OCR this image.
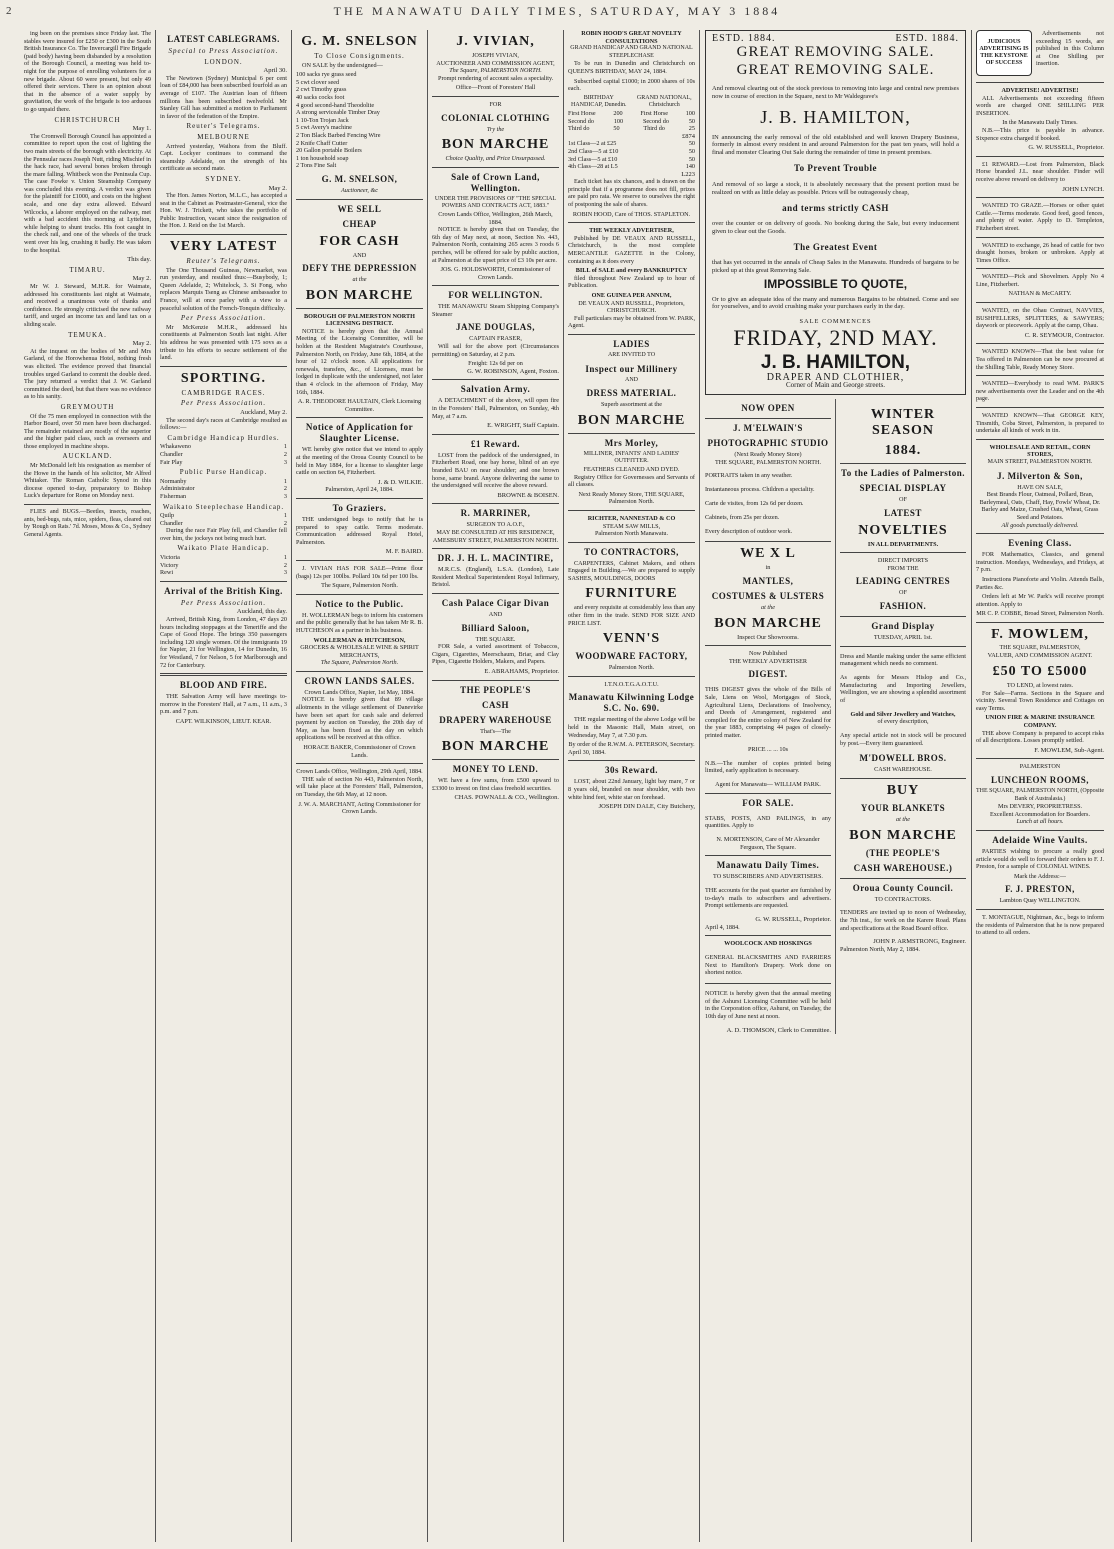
2	THE MANAWATU DAILY TIMES, SATURDAY, MAY 3 1884

ing been on the premises since Friday last. The stables were insured for £250 or £300 in the South British Insurance Co. The Invercargill Fire Brigade (paid body) having been disbanded by a resolution of the Borough Council, a meeting was held to-night for the purpose of enrolling volunteers for a new brigade. About 60 were present, but only 49 offered their services. There is an opinion about that in the absence of a water supply by gravitation, the work of the brigade is too arduous to go unpaid there.

CHRISTCHURCH
May 1.

The Cromwell Borough Council has appointed a committee to report upon the cost of lighting the two main streets of the borough with electricity. At the Pennsular races Joseph Nutt, riding Mischief in the hack race, had several bones broken through the mare falling. Whitbeck won the Peninsula Cup. The case Fowke v. Union Steamship Company was concluded this evening. A verdict was given for the plaintiff for £1000, and costs on the highest scale, and one day extra allowed. Edward Wilcocks, a laborer employed on the railway, met with a bad accident this morning at Lyttelton, while helping to shunt trucks. His foot caught in the check rail, and one of the wheels of the truck went over his leg, crushing it badly. He was taken to the hospital.

This day.
TIMARU.
May 2.

Mr W. J. Steward, M.H.R. for Waimate, addressed his constituents last night at Waimate, and received a unanimous vote of thanks and confidence. He strongly criticised the new railway tariff, and urged an income tax and land tax on a sliding scale.

TEMUKA.
May 2.

At the inquest on the bodies of Mr and Mrs Garland, of the Horowhenua Hotel, nothing fresh was elicited. The evidence proved that financial troubles urged Garland to commit the double deed. The jury returned a verdict that J. W. Garland committed the deed, but that there was no evidence as to his sanity.

GREYMOUTH

Of the 75 men employed in connection with the Harbor Board, over 50 men have been discharged. The remainder retained are mostly of the superior and the higher paid class, such as overseers and those employed in machine shops.

AUCKLAND.

Mr McDonald left his resignation as member of the Howe in the hands of his solicitor, Mr Alfred Whitaker. The Roman Catholic Synod in this diocese opened to-day, preparatory to Bishop Luck's departure for Rome on Monday next.

FLIES and BUGS.—Beetles, insects, roaches, ants, bed-bugs, rats, mice, spiders, fleas, cleared out by 'Rough on Rats.' 7d. Moses, Moss & Co., Sydney General Agents.

LATEST CABLEGRAMS.
Special to Press Association.
LONDON.
April 30.

The Newtown (Sydney) Municipal 6 per cent loan of £84,000 has been subscribed fourfold as an average of £107. The Austrian loan of fifteen millions has been subscribed twelvefold. Mr Stanley Gill has submitted a motion to Parliament in favor of the federation of the Empire.

Reuter's Telegrams.
MELBOURNE

Arrived yesterday, Waihora from the Bluff. Capt. Lockyer continues to command the steamship Adelaide, on the strength of his certificate as second mate.

SYDNEY.
May 2.

The Hon. James Norton, M.L.C., has accepted a seat in the Cabinet as Postmaster-General, vice the Hon. W. J. Trickett, who takes the portfolio of Public Instruction, vacant since the resignation of the Hon. J. Reid on the 1st March.

VERY LATEST
Reuter's Telegrams.

The One Thousand Guineas, Newmarket, was run yesterday, and resulted thus:—Busybody, 1; Queen Adelaide, 2; Whitelock, 3. Si Fong, who replaces Marquis Tseng as Chinese ambassador to France, will at once parley with a view to a peaceful solution of the French-Tonquin difficulty.

Per Press Association.

Mr McKenzie M.H.R., addressed his constituents at Palmerston South last night. After his address he was presented with 175 sovs as a tribute to his efforts to secure settlement of the land.

SPORTING.
CAMBRIDGE RACES.
Per Press Association.
Auckland, May 2.

The second day's races at Cambridge resulted as follows:—

Cambridge Handicap Hurdles.
Whakaweno	1
Chandler	2
Fair Play	3
Public Purse Handicap.
Normanby	1
Administrator	2
Fisherman	3
Waikato Steeplechase Handicap.
Quilp	1
Chandler	2

During the race Fair Play fell, and Chandler fell over him, the jockeys not being much hurt.

Waikato Plate Handicap.
Victoria	1
Victory	2
Rewi	3
Arrival of the British King.
Per Press Association.
Auckland, this day.

Arrived, British King, from London, 47 days 20 hours including stoppages at the Teneriffe and the Cape of Good Hope. The brings 350 passengers including 120 single women. Of the immigrants 19 for Napier, 21 for Wellington, 14 for Dunedin, 16 for Westland, 7 for Nelson, 5 for Marlborough and 72 for Canterbury.

BLOOD AND FIRE.

THE Salvation Army will have meetings to-morrow in the Foresters' Hall, at 7 a.m., 11 a.m., 3 p.m. and 7 p.m.

CAPT. WILKINSON, LIEUT. KEAR.
G. M. SNELSON
To Close Consignments.

ON SALE by the undersigned—

100 sacks rye grass seed
5 cwt clover seed
2 cwt Timothy grass
40 sacks cocks foot
4 good second-hand Theodolite
A strong serviceable Timber Dray
1 10-Ton Trojan Jack
5 cwt Avery's machine
2 Ton Black Barbed Fencing Wire
2 Knife Chaff Cutter
20 Gallon portable Boilers
1 ton household soap
2 Tons Fine Salt
G. M. SNELSON,
Auctioneer, &c
WE SELL
CHEAP
FOR CASH
AND
DEFY THE DEPRESSION
at the
BON MARCHE
BOROUGH OF PALMERSTON NORTH LICENSING DISTRICT.

NOTICE is hereby given that the Annual Meeting of the Licensing Committee, will be holden at the Resident Magistrate's Courthouse, Palmerston North, on Friday, June 6th, 1884, at the hour of 12 o'clock noon. All applications for renewals, transfers, &c., of Licenses, must be lodged in duplicate with the undersigned, not later than 4 o'clock in the afternoon of Friday, May 16th, 1884.

A. R. THEODORE HAULTAIN, Clerk Licensing Committee.
Notice of Application for Slaughter License.

WE hereby give notice that we intend to apply at the meeting of the Oroua County Council to be held in May 1884, for a license to slaughter large cattle on section 64, Fitzherbert.

J. & D. WILKIE.
Palmerston, April 24, 1884.
To Graziers.

THE undersigned begs to notify that he is prepared to spay cattle. Terms moderate. Communication addressed Royal Hotel, Palmerston.

M. F. BAIRD.

J. VIVIAN HAS FOR SALE—Prime flour (bags) 12s per 100lbs. Pollard 10s 6d per 100 lbs.

The Square, Palmerston North.
Notice to the Public.

H. WOLLERMAN begs to inform his customers and the public generally that he has taken Mr R. B. HUTCHESON as a partner in his business.

WOLLERMAN & HUTCHESON,
GROCERS & WHOLESALE WINE & SPIRIT MERCHANTS,
The Square, Palmerston North.
CROWN LANDS SALES.
Crown Lands Office, Napier, 1st May, 1884.

NOTICE is hereby given that 89 village allotments in the village settlement of Danevirke have been set apart for cash sale and deferred payment by auction on Tuesday, the 20th day of May, as has been fixed as the day on which applications will be received at this office.

HORACE BAKER, Commissioner of Crown Lands.
Crown Lands Office, Wellington, 29th April, 1884.

THE sale of section No 443, Palmerston North, will take place at the Foresters' Hall, Palmerston, on Tuesday, the 6th May, at 12 noon.

J. W. A. MARCHANT, Acting Commissioner for Crown Lands.
J. VIVIAN,
JOSEPH VIVIAN,
AUCTIONEER AND COMMISSION AGENT,
The Square, PALMERSTON NORTH.

Prompt rendering of account sales a speciality.

Office—Front of Foresters' Hall
FOR
COLONIAL CLOTHING
Try the
BON MARCHE
Choice Quality, and Price Unsurpassed.
Sale of Crown Land, Wellington.
UNDER THE PROVISIONS OF "THE SPECIAL POWERS AND CONTRACTS ACT, 1883."
Crown Lands Office, Wellington, 26th March, 1884.

NOTICE is hereby given that on Tuesday, the 6th day of May next, at noon, Section No. 443, Palmerston North, containing 265 acres 3 roods 6 perches, will be offered for sale by public auction, at Palmerston at the upset price of £3 10s per acre.

JOS. G. HOLDSWORTH, Commissioner of Crown Lands.
FOR WELLINGTON.

THE MANAWATU Steam Shipping Company's Steamer

JANE DOUGLAS,
CAPTAIN FRASER,

Will sail for the above port (Circumstances permitting) on Saturday, at 2 p.m.

Freight: 12s 6d per on
G. W. ROBINSON, Agent, Foxton.
Salvation Army.

A DETACHMENT of the above, will open fire in the Foresters' Hall, Palmerston, on Sunday, 4th May, at 7 a.m.

E. WRIGHT, Staff Captain.
£1 Reward.

LOST from the paddock of the undersigned, in Fitzherbert Road, one bay horse, blind of an eye branded BAU on near shoulder; and one brown horse, same brand. Anyone delivering the same to the undersigned will receive the above reward.

BROWNE & BOISEN.
R. MARRINER,
SURGEON TO A.O.F.,
MAY BE CONSULTED AT HIS RESIDENCE, AMESBURY STREET, PALMERSTON NORTH.
DR. J. H. L. MACINTIRE,

M.R.C.S. (England), L.S.A. (London), Late Resident Medical Superintendent Royal Infirmary, Bristol.

Cash Palace Cigar Divan
AND
Billiard Saloon,
THE SQUARE.

FOR Sale, a varied assortment of Tobaccos, Cigars, Cigarettes, Meerschaum, Briar, and Clay Pipes, Cigarette Holders, Makers, and Papers.

E. ABRAHAMS, Proprietor.
THE PEOPLE'S
CASH
DRAPERY WAREHOUSE
That's—The
BON MARCHE
MONEY TO LEND.

WE have a few sums, from £500 upward to £3300 to invest on first class freehold securities.

CHAS. POWNALL & CO., Wellington.
ROBIN HOOD'S GREAT NOVELTY CONSULTATIONS
GRAND HANDICAP AND GRAND NATIONAL STEEPLECHASE

To be run in Dunedin and Christchurch on QUEEN'S BIRTHDAY, MAY 24, 1884.

Subscribed capital £1000; in 2000 shares of 10s each.

BIRTHDAY HANDICAP, Dunedin.
GRAND NATIONAL, Christchurch
First Horse	200	First Horse	100
Second do	100	Second do	50
Third do	50	Third do	25
£874
1st Class—2 at £25	50
2nd Class—5 at £10	50
3rd Class—5 at £10	50
4th Class—28 at L5	140
L223

Each ticket has six chances, and is drawn on the principle that if a programme does not fill, prizes are paid pro rata. We reserve to ourselves the right of postponing the sale of shares.

ROBIN HOOD, Care of THOS. STAPLETON.
THE WEEKLY ADVERTISER,

Published by DE VEAUX AND RUSSELL, Christchurch, is the most complete MERCANTILE GAZETTE in the Colony, containing as it does every

BILL of SALE and every BANKRUPTCY

filed throughout New Zealand up to hour of Publication.

ONE GUINEA PER ANNUM,
DE VEAUX AND RUSSELL, Proprietors, CHRISTCHURCH.

Full particulars may be obtained from W. PARK, Agent.

LADIES
ARE INVITED TO
Inspect our Millinery
AND
DRESS MATERIAL.
Superb assortment at the
BON MARCHE
Mrs Morley,
MILLINER, INFANTS' AND LADIES' OUTFITTER.
FEATHERS CLEANED AND DYED.

Registry Office for Governesses and Servants of all classes.

Next Ready Money Store, THE SQUARE, Palmerston North.
RICHTER, NANNESTAD & CO
STEAM SAW MILLS,
Palmerston North Manawatu.
TO CONTRACTORS,

CARPENTERS, Cabinet Makers, and others Engaged in Building.—We are prepared to supply SASHES, MOULDINGS, DOORS

FURNITURE

and every requisite at considerably less than any other firm in the trade. SEND FOR SIZE AND PRICE LIST.

VENN'S
WOODWARE FACTORY,
Palmerston North.
I.T.N.O.T.G.A.O.T.U.
Manawatu Kilwinning Lodge S.C. No. 690.

THE regular meeting of the above Lodge will be held in the Masonic Hall, Main street, on Wednesday, May 7, at 7.30 p.m.

By order of the R.W.M. A. PETERSON, Secretary.
April 30, 1884.
30s Reward.

LOST, about 22nd January, light bay mare, 7 or 8 years old, branded on near shoulder, with two white hind feet, white star on forehead.

JOSEPH DIN DALE, City Butchery,
ESTD. 1884.	ESTD. 1884.
GREAT REMOVING SALE.
GREAT REMOVING SALE.

And removal clearing out of the stock previous to removing into large and central new premises now in course of erection in the Square, next to Mr Waldegrave's

J. B. HAMILTON,

IN announcing the early removal of the old established and well known Drapery Business, formerly in almost every resident in and around Palmerston for the past ten years, will hold a final and monster Clearing Out Sale during the remainder of time in present premises.

To Prevent Trouble

And removal of so large a stock, it is absolutely necessary that the present portion must be realized on with as little delay as possible. Prices will be outrageously cheap,

and terms strictly CASH

over the counter or on delivery of goods. No booking during the Sale, but every inducement given to clear out the Goods.

The Greatest Event

that has yet occurred in the annals of Cheap Sales in the Manawatu. Hundreds of bargains to be picked up at this great Removing Sale.

IMPOSSIBLE TO QUOTE,

Or to give an adequate idea of the many and numerous Bargains to be obtained. Come and see for yourselves, and to avoid crushing make your purchases early in the day.

SALE COMMENCES
FRIDAY, 2ND MAY.
J. B. HAMILTON,
DRAPER AND CLOTHIER,
Corner of Main and George streets.
NOW OPEN
J. M'ELWAIN'S
PHOTOGRAPHIC STUDIO
(Next Ready Money Store)
THE SQUARE, PALMERSTON NORTH.

PORTRAITS taken in any weather.

Instantaneous process. Children a speciality.

Carte de visites, from 12s 6d per dozen.

Cabinets, from 25s per dozen.

Every description of outdoor work.

WE X L
in
MANTLES,
COSTUMES & ULSTERS
at the
BON MARCHE
Inspect Our Showrooms.
Now Published
THE WEEKLY ADVERTISER
DIGEST.

THIS DIGEST gives the whole of the Bills of Sale, Liens on Wool, Mortgages of Stock, Agricultural Liens, Declarations of Insolvency, and Deeds of Arrangement, registered and compiled for the entire colony of New Zealand for the year 1883, comprising 44 pages of closely-printed matter.

PRICE ... ... 10s

N.B.—The number of copies printed being limited, early application is necessary.

Agent for Manawatu— WILLIAM PARK.
FOR SALE.

STABS, POSTS, AND PAILINGS, in any quantities. Apply to

N. MORTENSON, Care of Mr Alexander Ferguson, The Square.
Manawatu Daily Times.
TO SUBSCRIBERS AND ADVERTISERS.

THE accounts for the past quarter are furnished by to-day's mails to subscribers and advertisers. Prompt settlements are requested.

G. W. RUSSELL, Proprietor.
April 4, 1884.
WOOLCOCK AND HOSKINGS

GENERAL BLACKSMITHS AND FARRIERS Next to Hamilton's Drapery. Work done on shortest notice.

NOTICE is hereby given that the annual meeting of the Ashurst Licensing Committee will be held in the Corporation office, Ashurst, on Tuesday, the 10th day of June next at noon.

A. D. THOMSON, Clerk to Committee.
WINTER SEASON
1884.
To the Ladies of Palmerston.
SPECIAL DISPLAY
OF
LATEST
NOVELTIES
IN ALL DEPARTMENTS.
DIRECT IMPORTS
FROM THE
LEADING CENTRES
OF
FASHION.
Grand Display
TUESDAY, APRIL 1st.

Dress and Mantle making under the same efficient management which needs no comment.

As agents for Messrs Hislop and Co., Manufacturing and Importing Jewellers, Wellington, we are showing a splendid assortment of

Gold and Silver Jewellery and Watches,
of every description,

Any special article not in stock will be procured by post.—Every item guaranteed.

M'DOWELL BROS.
CASH WAREHOUSE.
BUY
YOUR BLANKETS
at the
BON MARCHE
(THE PEOPLE'S
CASH WAREHOUSE.)
Oroua County Council.
TO CONTRACTORS.

TENDERS are invited up to noon of Wednesday, the 7th inst., for work on the Karere Road. Plans and specifications at the Road Board office.

JOHN P. ARMSTRONG, Engineer.
Palmerston North, May 2, 1884.
JUDICIOUS ADVERTISING IS THE KEYSTONE OF SUCCESS

Advertisements not exceeding 15 words, are published in this Column at One Shilling per insertion.

ADVERTISE! ADVERTISE!

ALL Advertisements not exceeding fifteen words are charged ONE SHILLING PER INSERTION.

In the Manawatu Daily Times.

N.B.—This price is payable in advance. Sixpence extra charged if booked.

G. W. RUSSELL, Proprietor.

£1 REWARD.—Lost from Palmerston, Black Horse branded J.L. near shoulder. Finder will receive above reward on delivery to

JOHN LYNCH.

WANTED TO GRAZE.—Horses or other quiet Cattle.—Terms moderate. Good feed, good fences, and plenty of water. Apply to D. Templeton, Fitzherbert street.

WANTED to exchange, 26 head of cattle for two draught horses, broken or unbroken. Apply at Times Office.

WANTED—Pick and Shovelmen. Apply No 4 Line, Fitzherbert.

NATHAN & McCARTY.

WANTED, on the Ohau Contract, NAVVIES, BUSHFELLERS, SPLITTERS, & SAWYERS; daywork or piecework. Apply at the camp, Ohau.

C. R. SEYMOUR, Contractor.

WANTED KNOWN—That the best value for Tea offered in Palmerston can be now procured at the Shilling Table, Ready Money Store.

WANTED—Everybody to read WM. PARK'S new advertisements over the Leader and on the 4th page.

WANTED KNOWN—That GEORGE KEY, Tinsmith, Coba Street, Palmerston, is prepared to undertake all kinds of work in tin.

WHOLESALE AND RETAIL, CORN STORES,
MAIN STREET, PALMERSTON NORTH.
J. Milverton & Son,
HAVE ON SALE,
Best Brands Flour, Oatmeal, Pollard, Bran, Barleymeal, Oats, Chaff, Hay, Fowls' Wheat, Dr. Barley and Maize, Crushed Oats, Wheat, Grass Seed and Potatoes.
All goods punctually delivered.
Evening Class.

FOR Mathematics, Classics, and general instruction. Mondays, Wednesdays, and Fridays, at 7 p.m.

Instructions Pianoforte and Violin. Attends Balls, Parties &c.

Orders left at Mr W. Park's will receive prompt attention. Apply to

MR C. P. COBBE, Broad Street, Palmerston North.
F. MOWLEM,
THE SQUARE, PALMERSTON,
VALUER, AND COMMISSION AGENT.
£50 TO £5000
TO LEND, at lowest rates.

For Sale—Farms. Sections in the Square and vicinity. Several Town Residence and Cottages on easy Terms.

UNION FIRE & MARINE INSURANCE COMPANY.

THE above Company is prepared to accept risks of all descriptions. Losses promptly settled.

F. MOWLEM, Sub-Agent.
PALMERSTON
LUNCHEON ROOMS,
THE SQUARE, PALMERSTON NORTH, (Opposite Bank of Australasia.)
Mrs DEVERY, PROPRIETRESS.
Excellent Accommodation for Boarders.
Lunch at all hours.
Adelaide Wine Vaults.

PARTIES wishing to procure a really good article would do well to forward their orders to F. J. Preston, for a sample of COLONIAL WINES.

Mark the Address:—
F. J. PRESTON,
Lambton Quay WELLINGTON.

T. MONTAGUE, Nightman, &c., begs to inform the residents of Palmerston that he is now prepared to attend to all orders.
